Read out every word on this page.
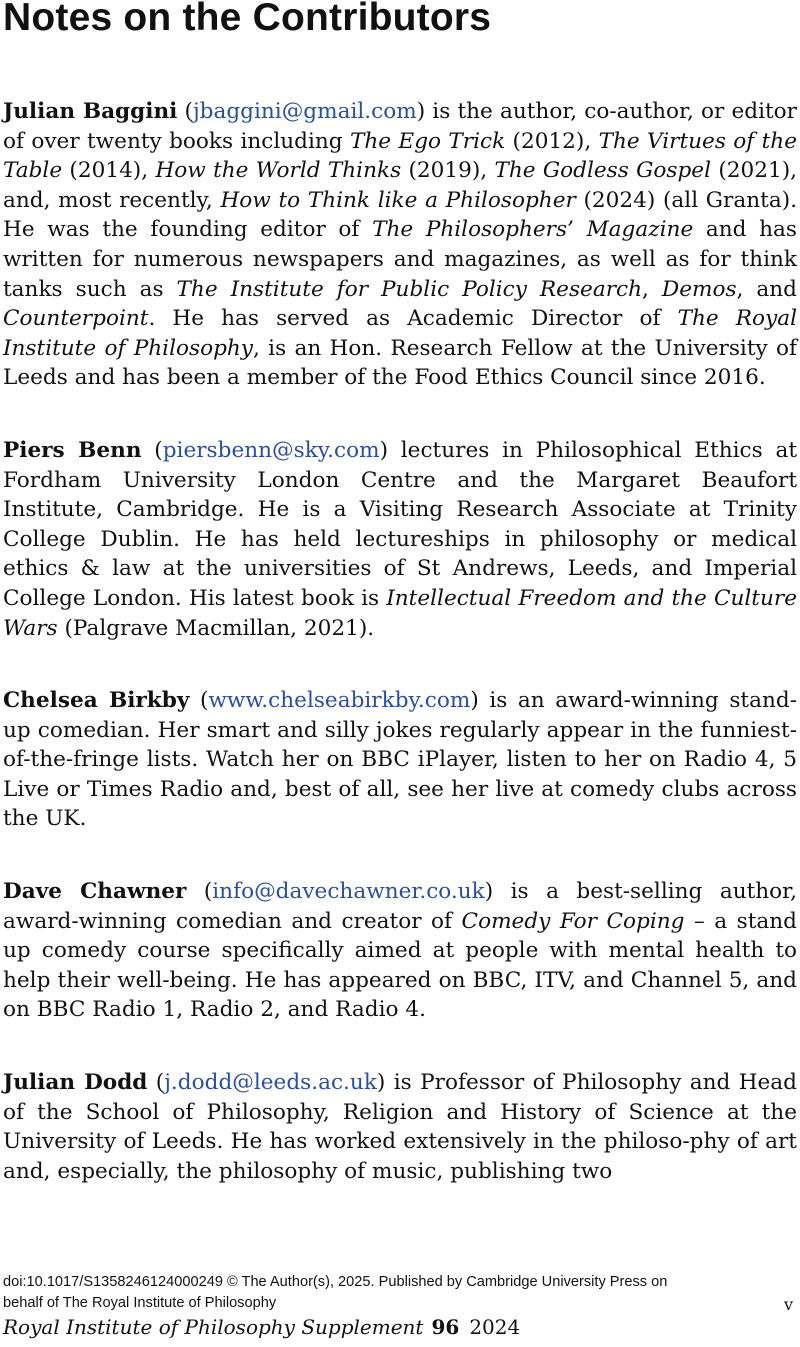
Notes on the Contributors

Julian Baggini (jbaggini@gmail.com) is the author, co-author, or editor of over twenty books including The Ego Trick (2012), The Virtues of the Table (2014), How the World Thinks (2019), The Godless Gospel (2021), and, most recently, How to Think like a Philosopher (2024) (all Granta). He was the founding editor of The Philosophers’ Magazine and has written for numerous newspapers and magazines, as well as for think tanks such as The Institute for Public Policy Research, Demos, and Counterpoint. He has served as Academic Director of The Royal Institute of Philosophy, is an Hon. Research Fellow at the University of Leeds and has been a member of the Food Ethics Council since 2016.

Piers Benn (piersbenn@sky.com) lectures in Philosophical Ethics at Fordham University London Centre and the Margaret Beaufort Institute, Cambridge. He is a Visiting Research Associate at Trinity College Dublin. He has held lectureships in philosophy or medical ethics & law at the universities of St Andrews, Leeds, and Imperial College London. His latest book is Intellectual Freedom and the Culture Wars (Palgrave Macmillan, 2021).

Chelsea Birkby (www.chelseabirkby.com) is an award-winning stand-up comedian. Her smart and silly jokes regularly appear in the funniest-of-the-fringe lists. Watch her on BBC iPlayer, listen to her on Radio 4, 5 Live or Times Radio and, best of all, see her live at comedy clubs across the UK.

Dave Chawner (info@davechawner.co.uk) is a best-selling author, award-winning comedian and creator of Comedy For Coping – a stand up comedy course specifically aimed at people with mental health to help their well-being. He has appeared on BBC, ITV, and Channel 5, and on BBC Radio 1, Radio 2, and Radio 4.

Julian Dodd (j.dodd@leeds.ac.uk) is Professor of Philosophy and Head of the School of Philosophy, Religion and History of Science at the University of Leeds. He has worked extensively in the philoso-phy of art and, especially, the philosophy of music, publishing two

doi:10.1017/S1358246124000249 © The Author(s), 2025. Published by Cambridge University Press on
behalf of The Royal Institute of Philosophy	v
Royal Institute of Philosophy Supplement 96 2024
